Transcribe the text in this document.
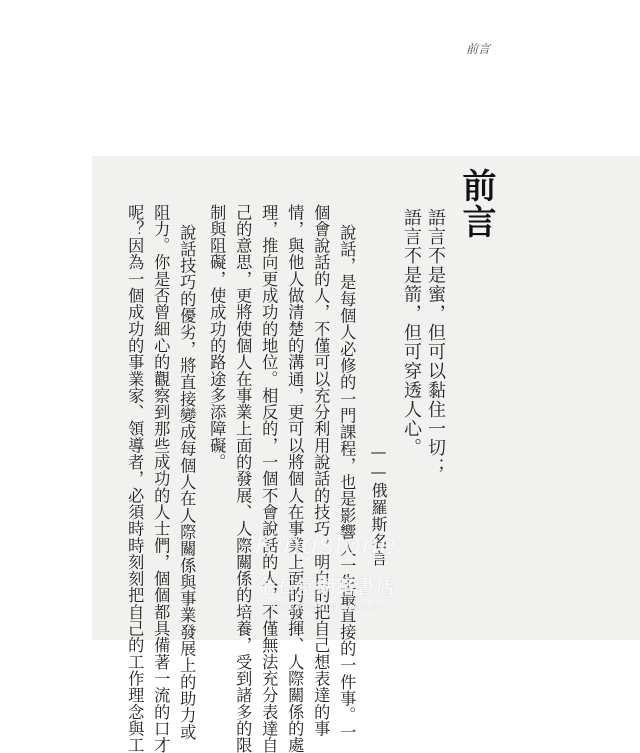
前言
前言
語言不是蜜，但可以黏住一切；
語言不是箭，但可穿透人心。
——俄羅斯名言
說話，是每個人必修的一門課程，也是影響人一生最直接的一件事。一
個會說話的人，不僅可以充分利用說話的技巧，明白的把自己想表達的事
情，與他人做清楚的溝通，更可以將個人在事業上面的發揮、人際關係的處
理，推向更成功的地位。相反的，一個不會說話的人，不僅無法充分表達自
己的意思，更將使個人在事業上面的發展、人際關係的培養，受到諸多的限
制與阻礙，使成功的路途多添障礙。
說話技巧的優劣，將直接變成每個人在人際關係與事業發展上的助力或
阻力。你是否曾細心的觀察到那些成功的人士們，個個都具備著一流的口才
呢？因為一個成功的事業家、領導者，必須時時刻刻把自己的工作理念與工	Kingstone
金石堂網路書店
www.kingstone.com.tw
